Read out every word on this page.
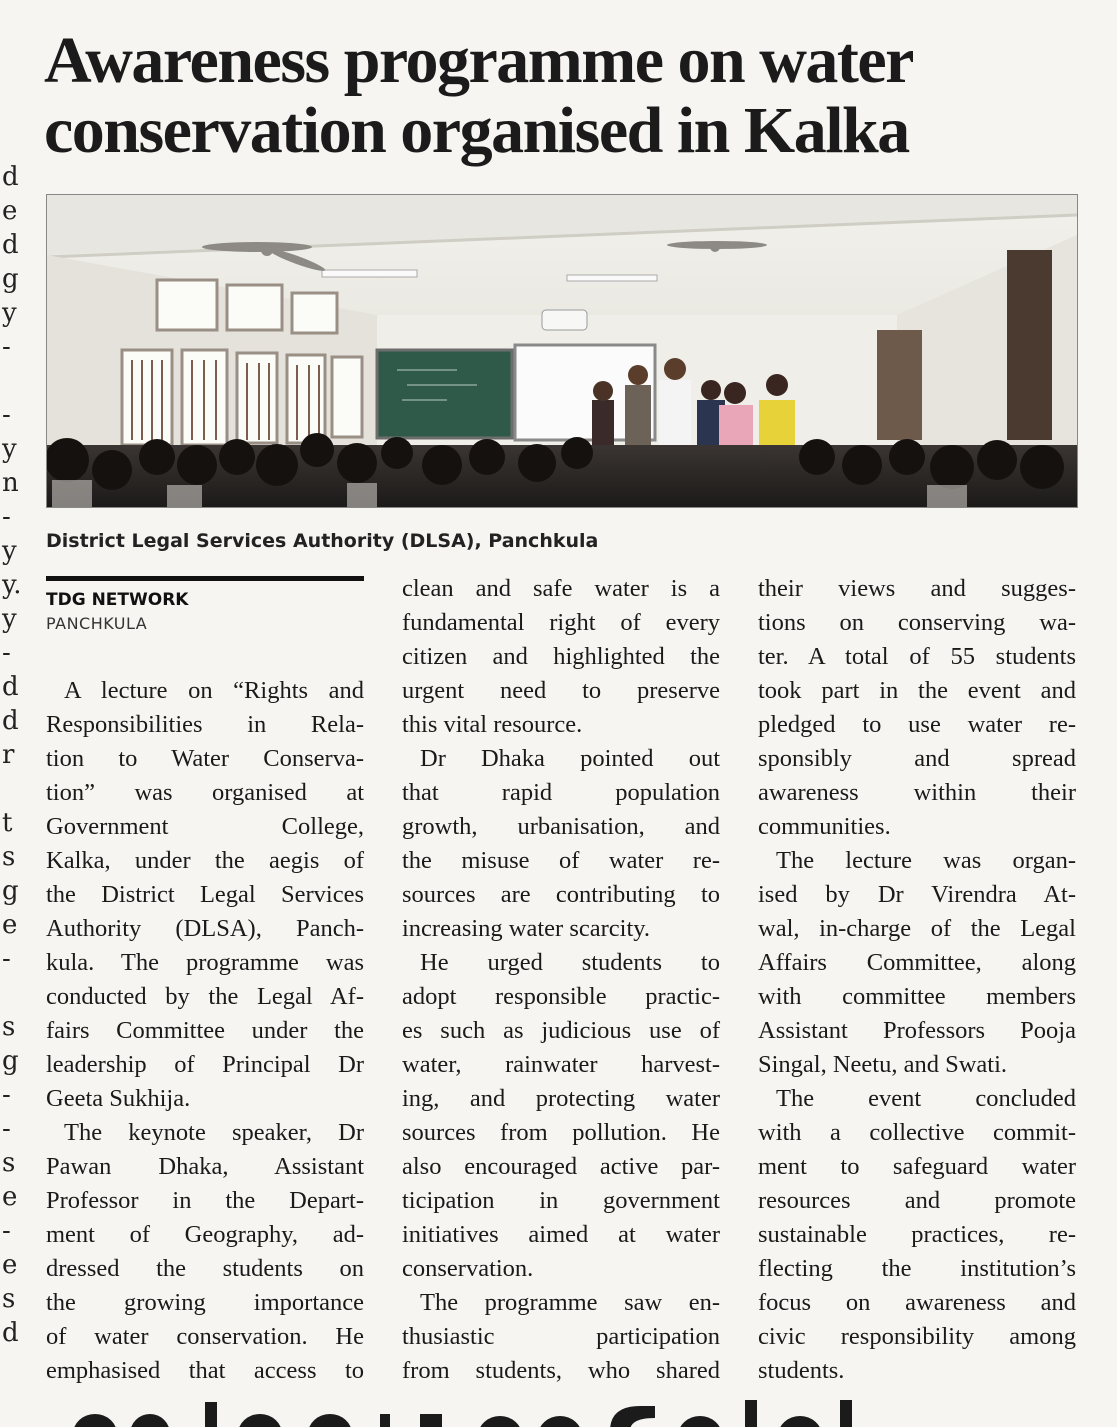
d
e
d
g
y
-
-
y
n
-
y
y.
y
-
d
d
r
t
s
g
e
-
s
g
-
-
s
e
-
e
s
d
Awareness programme on water
conservation organised in Kalka
District Legal Services Authority (DLSA), Panchkula
TDG NETWORK
PANCHKULA
A lecture on “Rights and
Responsibilities in Rela-
tion to Water Conserva-
tion” was organised at
Government College,
Kalka, under the aegis of
the District Legal Services
Authority (DLSA), Panch-
kula. The programme was
conducted by the Legal Af-
fairs Committee under the
leadership of Principal Dr
Geeta Sukhija.
The keynote speaker, Dr
Pawan Dhaka, Assistant
Professor in the Depart-
ment of Geography, ad-
dressed the students on
the growing importance
of water conservation. He
emphasised that access to
clean and safe water is a
fundamental right of every
citizen and highlighted the
urgent need to preserve
this vital resource.
Dr Dhaka pointed out
that rapid population
growth, urbanisation, and
the misuse of water re-
sources are contributing to
increasing water scarcity.
He urged students to
adopt responsible practic-
es such as judicious use of
water, rainwater harvest-
ing, and protecting water
sources from pollution. He
also encouraged active par-
ticipation in government
initiatives aimed at water
conservation.
The programme saw en-
thusiastic participation
from students, who shared
their views and sugges-
tions on conserving wa-
ter. A total of 55 students
took part in the event and
pledged to use water re-
sponsibly and spread
awareness within their
communities.
The lecture was organ-
ised by Dr Virendra At-
wal, in-charge of the Legal
Affairs Committee, along
with committee members
Assistant Professors Pooja
Singal, Neetu, and Swati.
The event concluded
with a collective commit-
ment to safeguard water
resources and promote
sustainable practices, re-
flecting the institution’s
focus on awareness and
civic responsibility among
students.
